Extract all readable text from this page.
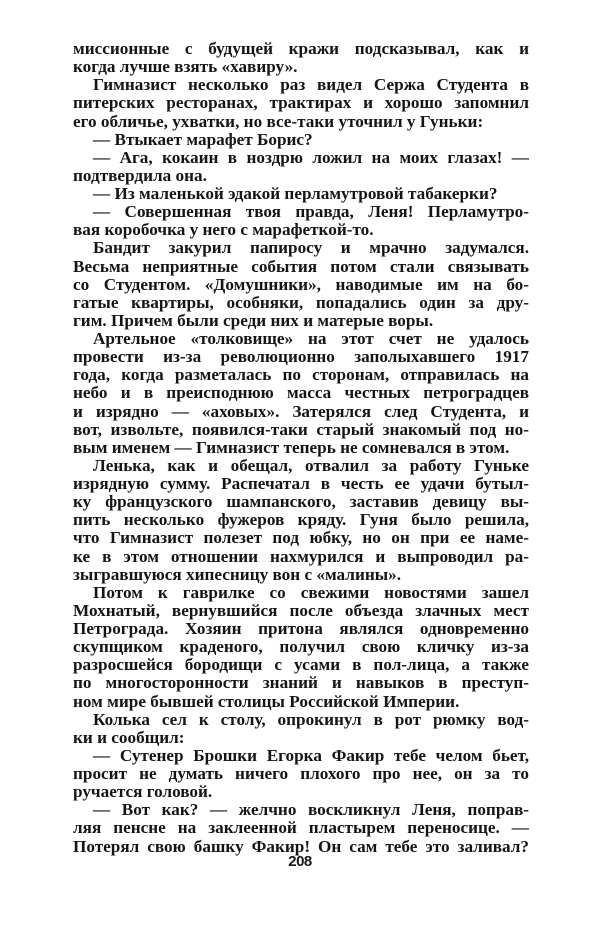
миссионные с будущей кражи подсказывал, как и
когда лучше взять «хавиру».
Гимназист несколько раз видел Сержа Студента в
питерских ресторанах, трактирах и хорошо запомнил
его обличье, ухватки, но все-таки уточнил у Гуньки:
— Втыкает марафет Борис?
— Ага, кокаин в ноздрю ложил на моих глазах! —
подтвердила она.
— Из маленькой эдакой перламутровой табакерки?
— Совершенная твоя правда, Леня! Перламутро-
вая коробочка у него с марафеткой-то.
Бандит закурил папиросу и мрачно задумался.
Весьма неприятные события потом стали связывать
со Студентом. «Домушники», наводимые им на бо-
гатые квартиры, особняки, попадались один за дру-
гим. Причем были среди них и матерые воры.
Артельное «толковище» на этот счет не удалось
провести из-за революционно заполыхавшего 1917
года, когда разметалась по сторонам, отправилась на
небо и в преисподнюю масса честных петроградцев
и изрядно — «аховых». Затерялся след Студента, и
вот, извольте, появился-таки старый знакомый под но-
вым именем — Гимназист теперь не сомневался в этом.
Ленька, как и обещал, отвалил за работу Гуньке
изрядную сумму. Распечатал в честь ее удачи бутыл-
ку французского шампанского, заставив девицу вы-
пить несколько фужеров кряду. Гуня было решила,
что Гимназист полезет под юбку, но он при ее наме-
ке в этом отношении нахмурился и выпроводил ра-
зыгравшуюся хипесницу вон с «малины».
Потом к гаврилке со свежими новостями зашел
Мохнатый, вернувшийся после объезда злачных мест
Петрограда. Хозяин притона являлся одновременно
скупщиком краденого, получил свою кличку из-за
разросшейся бородищи с усами в пол-лица, а также
по многосторонности знаний и навыков в преступ-
ном мире бывшей столицы Российской Империи.
Колька сел к столу, опрокинул в рот рюмку вод-
ки и сообщил:
— Сутенер Брошки Егорка Факир тебе челом бьет,
просит не думать ничего плохого про нее, он за то
ручается головой.
— Вот как? — желчно воскликнул Леня, поправ-
ляя пенсне на заклеенной пластырем переносице. —
Потерял свою башку Факир! Он сам тебе это заливал?
208
